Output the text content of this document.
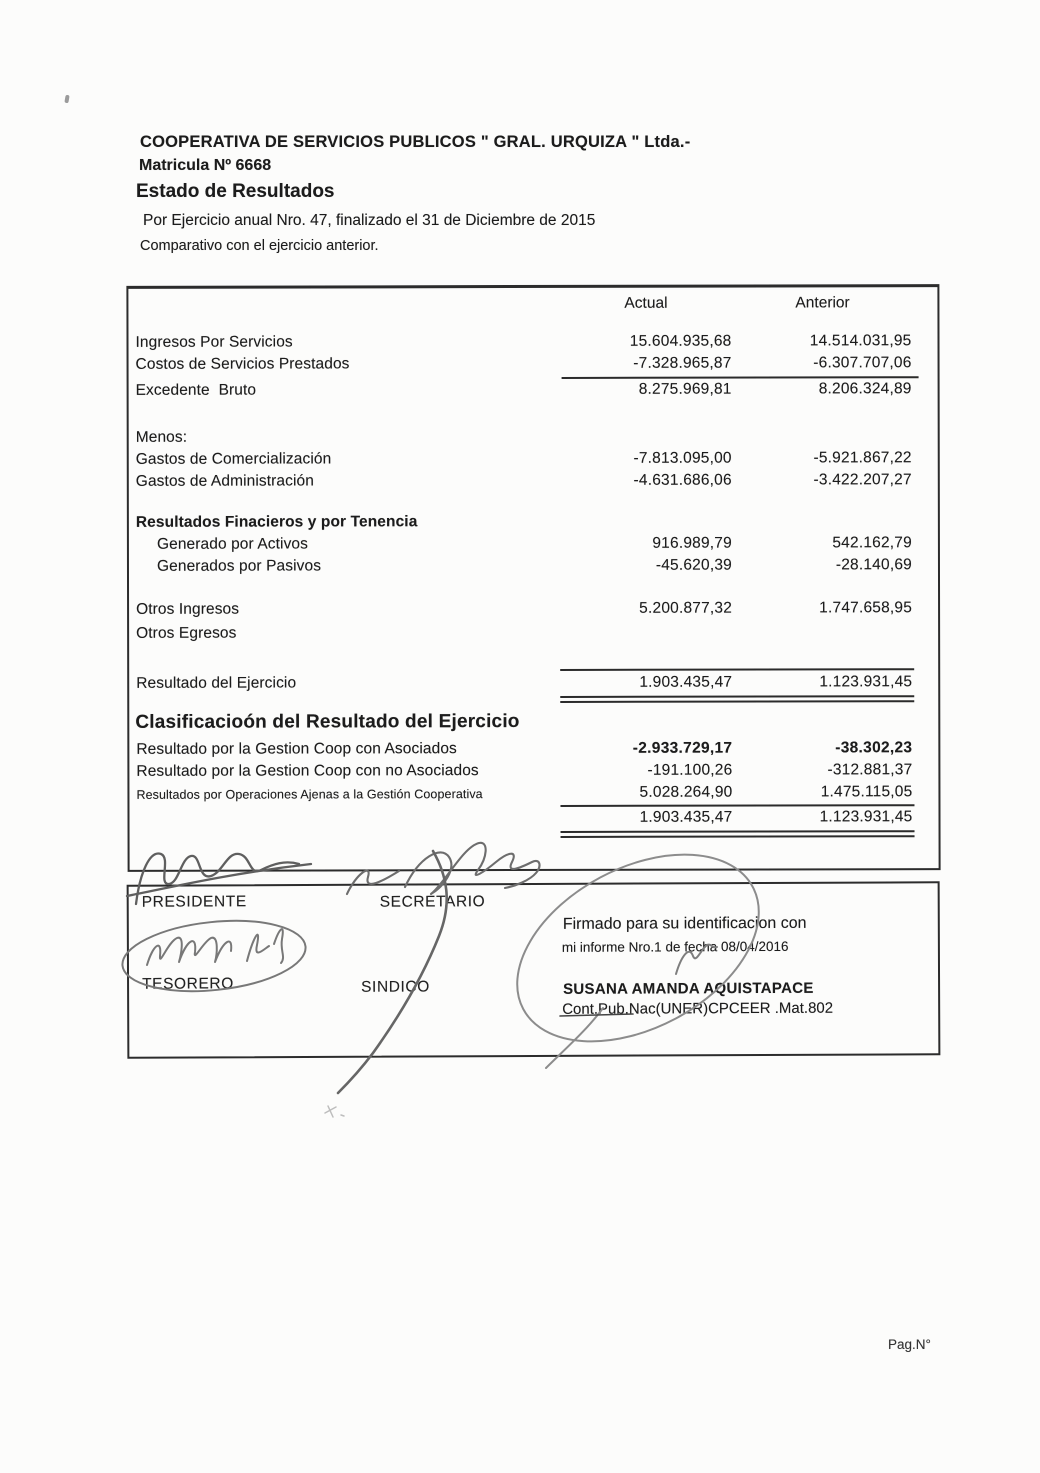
COOPERATIVA DE SERVICIOS PUBLICOS " GRAL. URQUIZA " Ltda.-
Matricula Nº 6668
Estado de Resultados
Por Ejercicio anual Nro. 47, finalizado el 31 de Diciembre de 2015
Comparativo con el ejercicio anterior.
Actual	Anterior
Ingresos Por Servicios	15.604.935,68	14.514.031,95
Costos de Servicios Prestados	-7.328.965,87	-6.307.707,06
Excedente  Bruto	8.275.969,81	8.206.324,89
Menos:
Gastos de Comercialización	-7.813.095,00	-5.921.867,22
Gastos de Administración	-4.631.686,06	-3.422.207,27
Resultados Finacieros y por Tenencia
Generado por Activos	916.989,79	542.162,79
Generados por Pasivos	-45.620,39	-28.140,69
Otros Ingresos	5.200.877,32	1.747.658,95
Otros Egresos
Resultado del Ejercicio	1.903.435,47	1.123.931,45
Clasificacioón del Resultado del Ejercicio
Resultado por la Gestion Coop con Asociados	-2.933.729,17	-38.302,23
Resultado por la Gestion Coop con no Asociados	-191.100,26	-312.881,37
Resultados por Operaciones Ajenas a la Gestión Cooperativa	5.028.264,90	1.475.115,05
1.903.435,47	1.123.931,45
PRESIDENTE	SECRETARIO
TESORERO	SINDICO
Firmado para su identificacion con
mi informe Nro.1 de fecha 08/04/2016
SUSANA AMANDA AQUISTAPACE
Cont.Pub.Nac(UNER)CPCEER .Mat.802
Pag.N°
